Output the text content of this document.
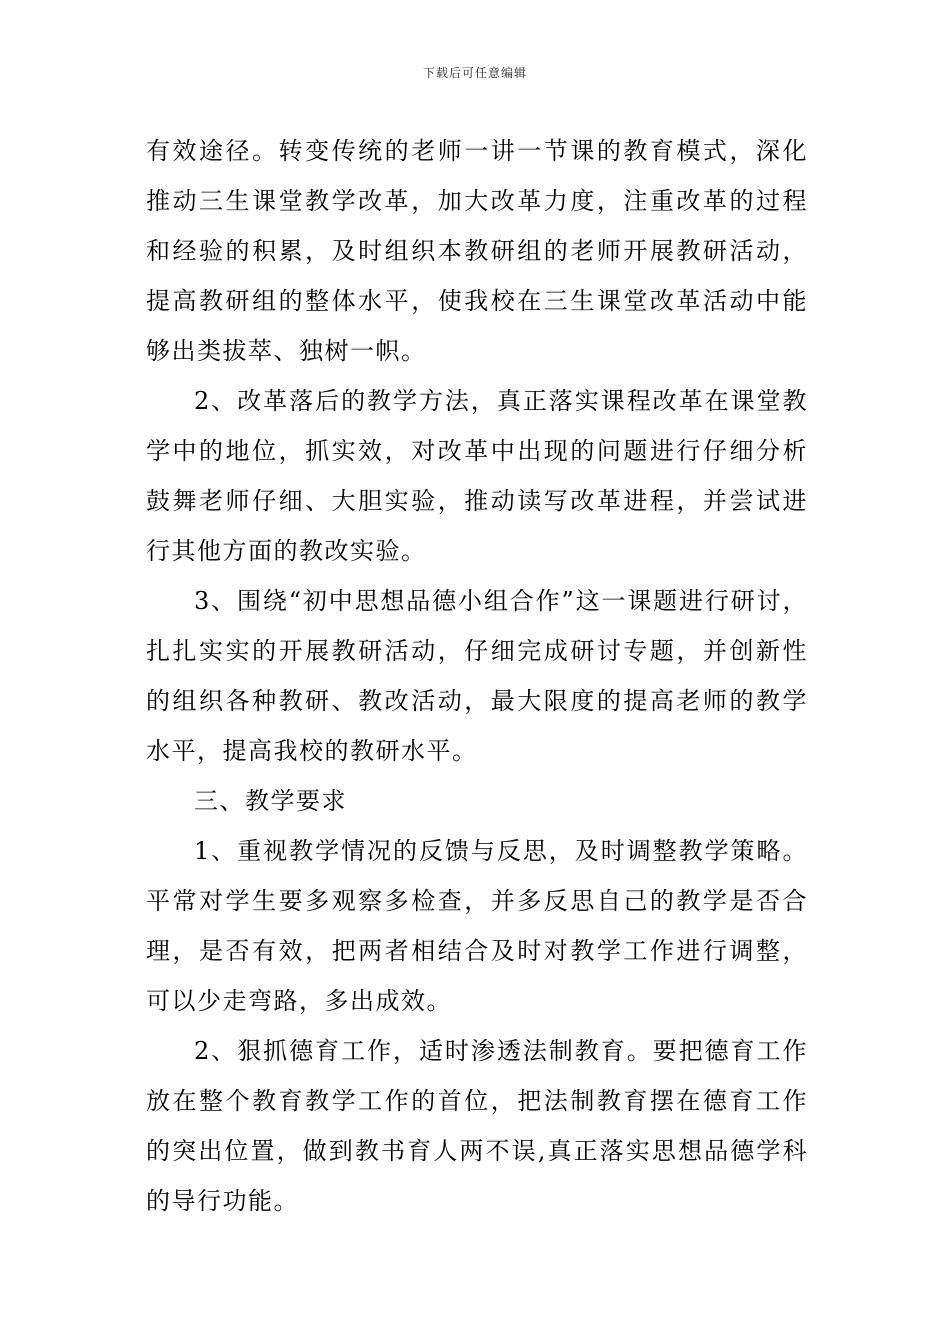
下载后可任意编辑

有效途径。转变传统的老师一讲一节课的教育模式，深化推动三生课堂教学改革，加大改革力度，注重改革的过程和经验的积累，及时组织本教研组的老师开展教研活动，提高教研组的整体水平，使我校在三生课堂改革活动中能够出类拔萃、独树一帜。

2、改革落后的教学方法，真正落实课程改革在课堂教学中的地位，抓实效，对改革中出现的问题进行仔细分析鼓舞老师仔细、大胆实验，推动读写改革进程，并尝试进行其他方面的教改实验。

3、围绕“初中思想品德小组合作”这一课题进行研讨，扎扎实实的开展教研活动，仔细完成研讨专题，并创新性的组织各种教研、教改活动，最大限度的提高老师的教学水平，提高我校的教研水平。

三、教学要求

1、重视教学情况的反馈与反思，及时调整教学策略。平常对学生要多观察多检查，并多反思自己的教学是否合理，是否有效，把两者相结合及时对教学工作进行调整，可以少走弯路，多出成效。

2、狠抓德育工作，适时渗透法制教育。要把德育工作放在整个教育教学工作的首位，把法制教育摆在德育工作的突出位置，做到教书育人两不误,真正落实思想品德学科的导行功能。
